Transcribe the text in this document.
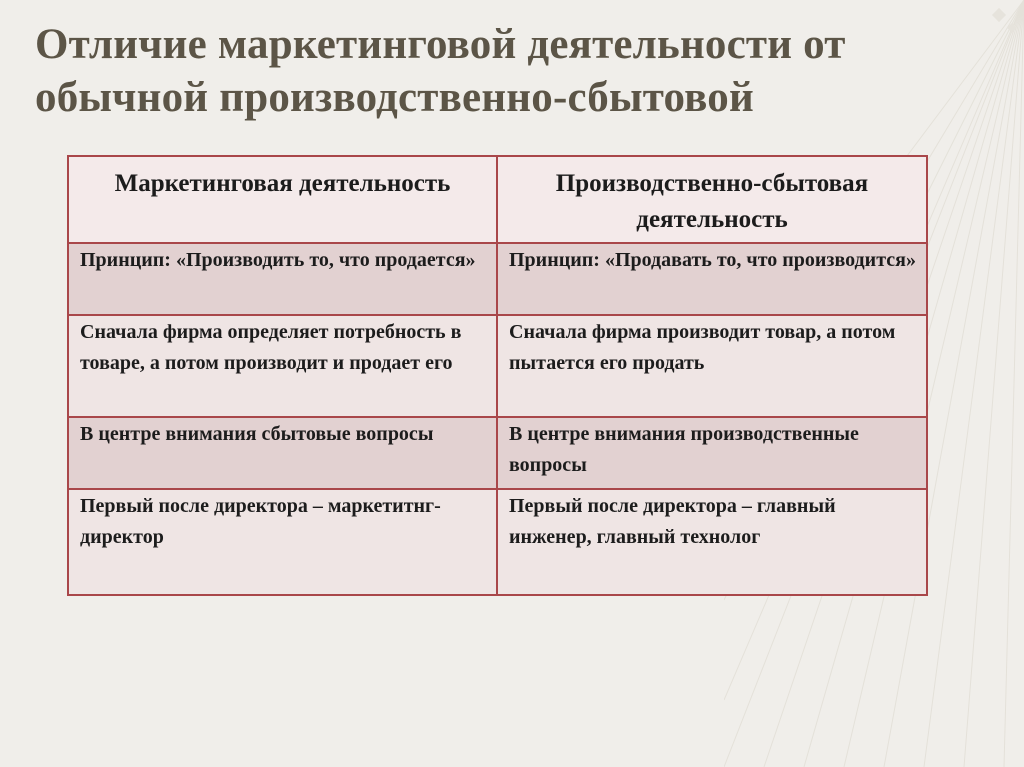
Отличие маркетинговой деятельности от
обычной производственно-сбытовой
Маркетинговая деятельность	Производственно-сбытовая деятельность
Принцип: «Производить то, что продается»	Принцип: «Продавать то, что производится»
Сначала фирма определяет потребность в товаре, а потом производит и продает его	Сначала фирма производит товар, а потом пытается его продать
В центре внимания сбытовые вопросы	В центре внимания производственные вопросы
Первый после директора – маркетитнг-директор	Первый после директора – главный инженер, главный технолог
